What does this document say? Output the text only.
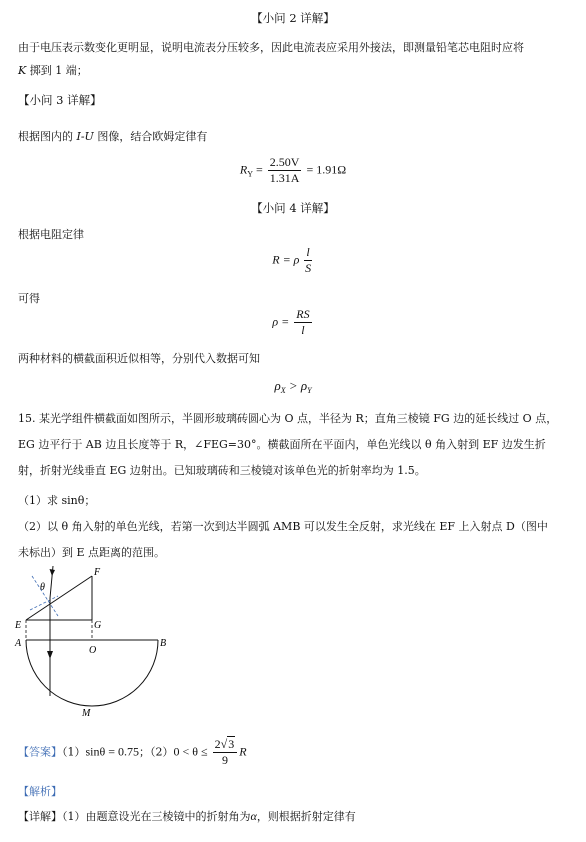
【小问 2 详解】
由于电压表示数变化更明显，说明电流表分压较多，因此电流表应采用外接法，即测量铅笔芯电阻时应将
K 掷到 1 端；
【小问 3 详解】
根据图内的 I-U 图像，结合欧姆定律有
$R_Y = \frac{2.50V}{1.31A} = 1.91\Omega$
【小问 4 详解】
根据电阻定律
R = ρ $\frac{l}{S}$
可得
$\rho = \frac{RS}{l}$
两种材料的横截面积近似相等，分别代入数据可知
$\rho_X > \rho_Y$
15. 某光学组件横截面如图所示，半圆形玻璃砖圆心为 O 点，半径为 R；直角三棱镜 FG 边的延长线过 O 点，
EG 边平行于 AB 边且长度等于 R，∠FEG=30°。横截面所在平面内，单色光线以 θ 角入射到 EF 边发生折
射，折射光线垂直 EG 边射出。已知玻璃砖和三棱镜对该单色光的折射率均为 1.5。
（1）求 sinθ；
（2）以 θ 角入射的单色光线，若第一次到达半圆弧 AMB 可以发生全反射，求光线在 EF 上入射点 D（图中
未标出）到 E 点距离的范围。
F
θ
E	G
A
O
B
M
【答案】（1）sinθ = 0.75；$(2)0 < \theta \le \frac{2√3}{9}$ R
【解析】
【详解】（1）由题意设光在三棱镜中的折射角为α，则根据折射定律有
